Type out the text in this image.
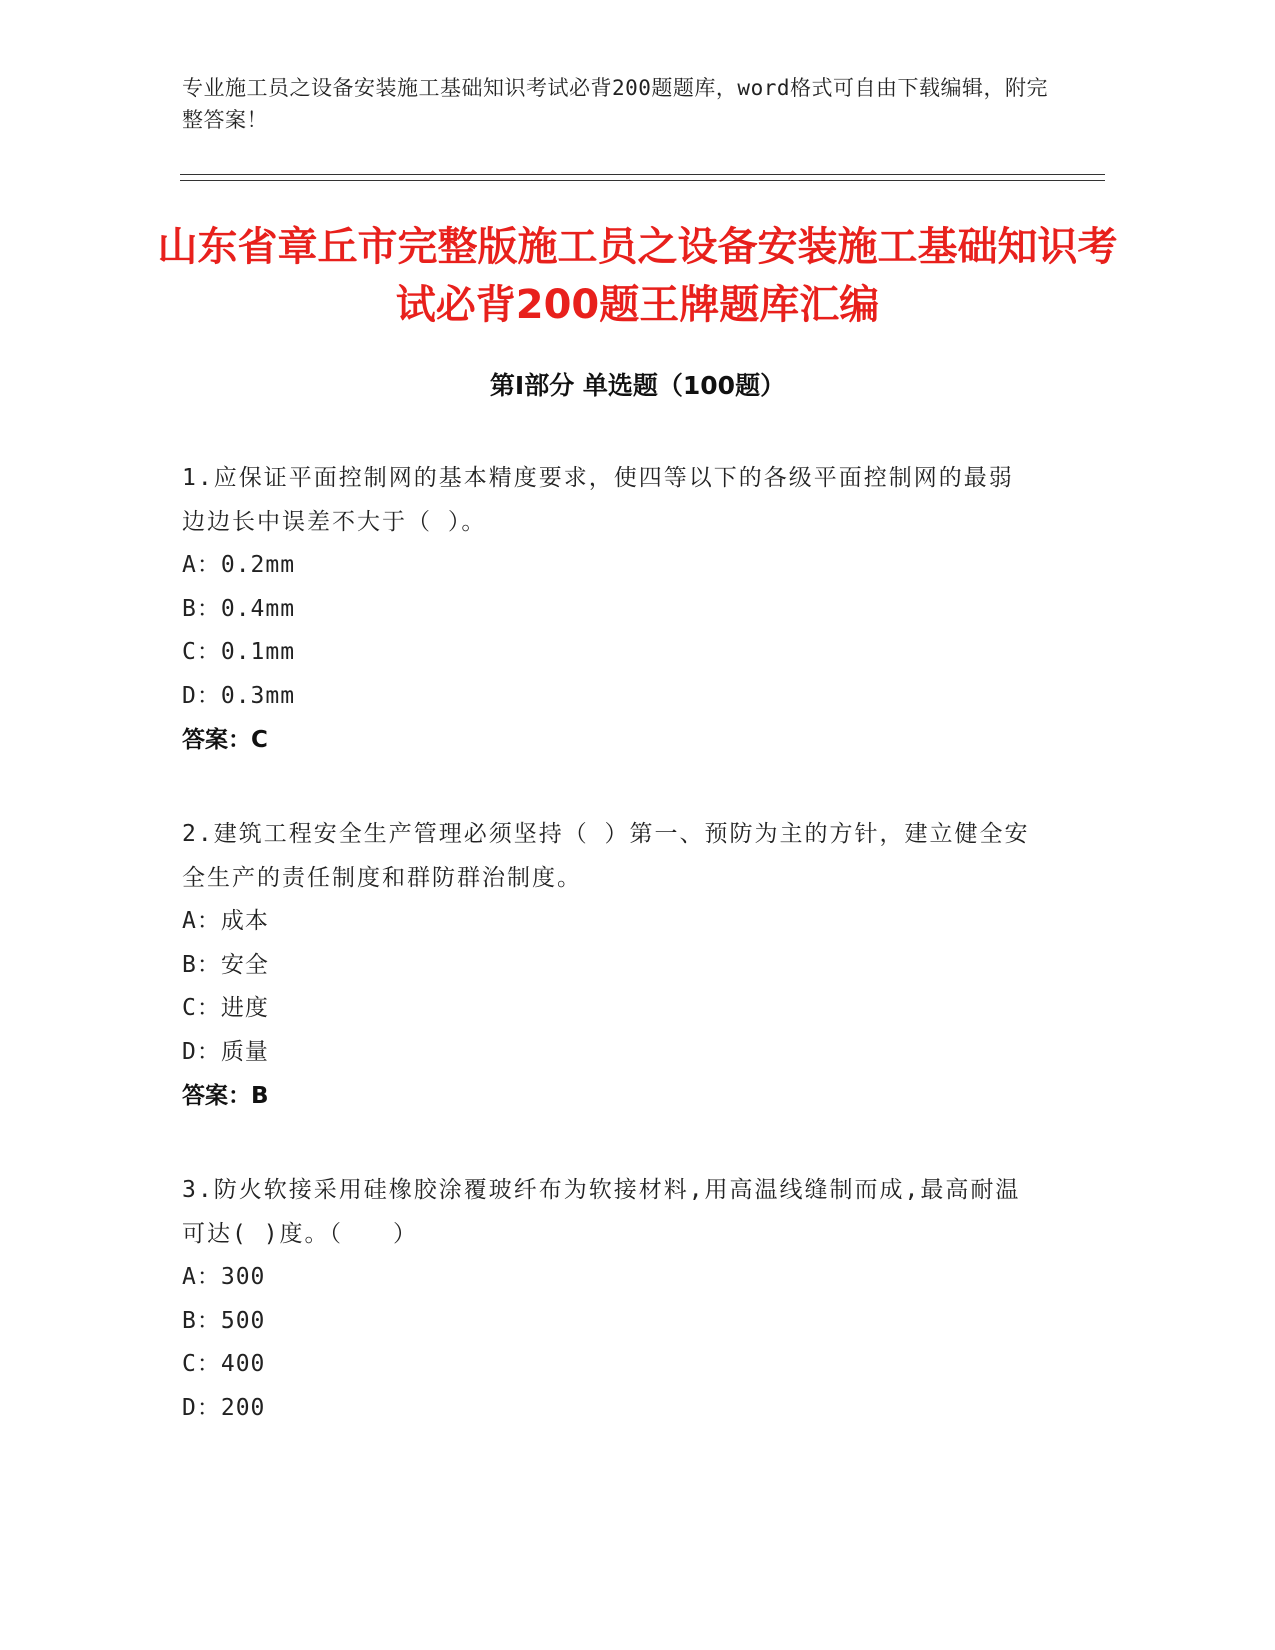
专业施工员之设备安装施工基础知识考试必背200题题库，word格式可自由下载编辑，附完整答案！
山东省章丘市完整版施工员之设备安装施工基础知识考试必背200题王牌题库汇编
第Ⅰ部分 单选题（100题）
1.应保证平面控制网的基本精度要求，使四等以下的各级平面控制网的最弱边边长中误差不大于（ ）。
A：0.2mm
B：0.4mm
C：0.1mm
D：0.3mm
答案：C
2.建筑工程安全生产管理必须坚持（ ）第一、预防为主的方针，建立健全安全生产的责任制度和群防群治制度。
A：成本
B：安全
C：进度
D：质量
答案：B
3.防火软接采用硅橡胶涂覆玻纤布为软接材料,用高温线缝制而成,最高耐温可达( )度。（　　）
A：300
B：500
C：400
D：200
